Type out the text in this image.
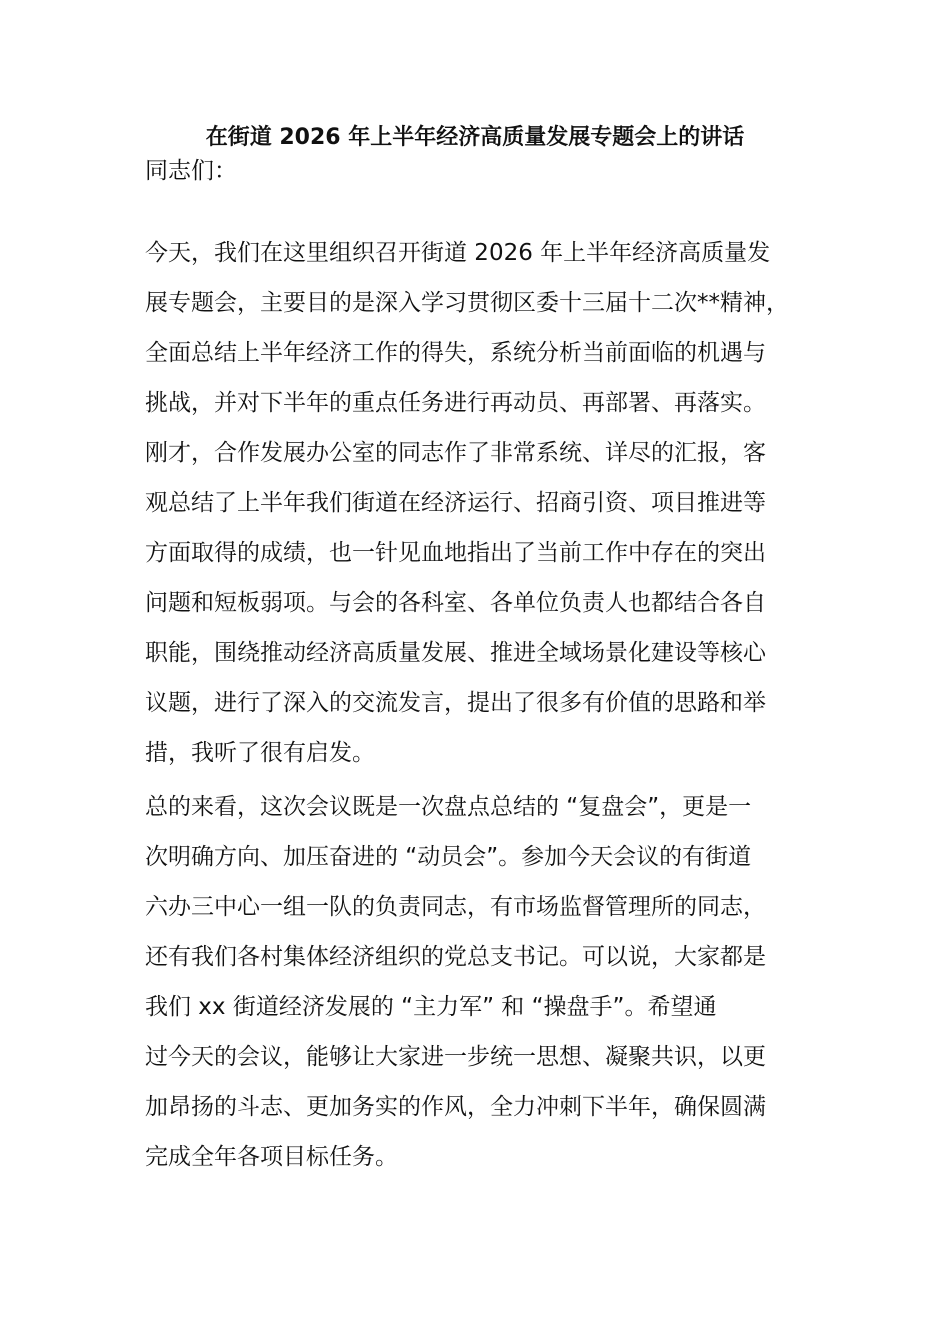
在街道 2026 年上半年经济高质量发展专题会上的讲话
同志们：
今天，我们在这里组织召开街道 2026 年上半年经济高质量发
展专题会，主要目的是深入学习贯彻区委十三届十二次**精神，
全面总结上半年经济工作的得失，系统分析当前面临的机遇与
挑战，并对下半年的重点任务进行再动员、再部署、再落实。
刚才，合作发展办公室的同志作了非常系统、详尽的汇报，客
观总结了上半年我们街道在经济运行、招商引资、项目推进等
方面取得的成绩，也一针见血地指出了当前工作中存在的突出
问题和短板弱项。与会的各科室、各单位负责人也都结合各自
职能，围绕推动经济高质量发展、推进全域场景化建设等核心
议题，进行了深入的交流发言，提出了很多有价值的思路和举
措，我听了很有启发。
总的来看，这次会议既是一次盘点总结的 “复盘会”，更是一
次明确方向、加压奋进的 “动员会”。参加今天会议的有街道
六办三中心一组一队的负责同志，有市场监督管理所的同志，
还有我们各村集体经济组织的党总支书记。可以说，大家都是
我们 xx 街道经济发展的 “主力军” 和 “操盘手”。希望通
过今天的会议，能够让大家进一步统一思想、凝聚共识，以更
加昂扬的斗志、更加务实的作风，全力冲刺下半年，确保圆满
完成全年各项目标任务。
